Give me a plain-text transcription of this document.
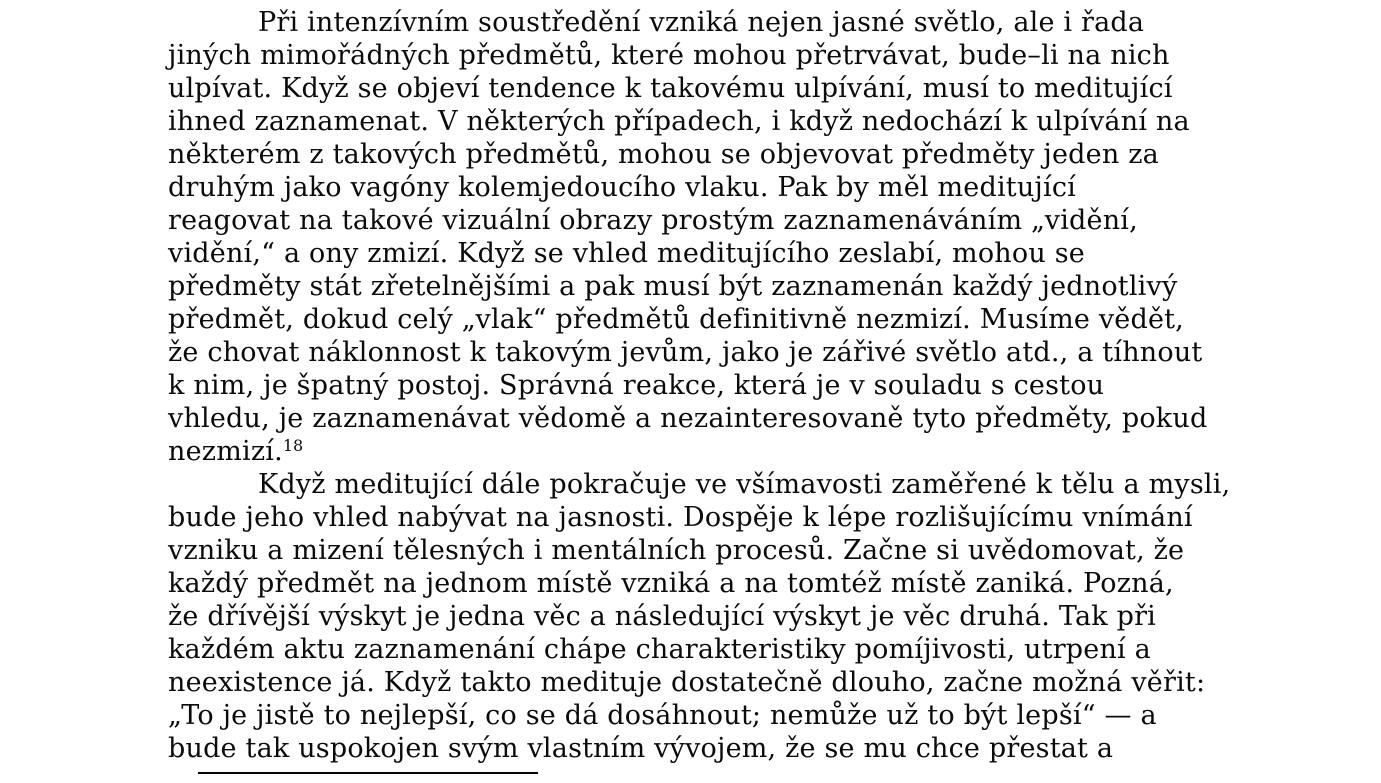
Při intenzívním soustředění vzniká nejen jasné světlo, ale i řada
jiných mimořádných předmětů, které mohou přetrvávat, bude–li na nich
ulpívat. Když se objeví tendence k takovému ulpívání, musí to meditující
ihned zaznamenat. V některých případech, i když nedochází k ulpívání na
některém z takových předmětů, mohou se objevovat předměty jeden za
druhým jako vagóny kolemjedoucího vlaku. Pak by měl meditující
reagovat na takové vizuální obrazy prostým zaznamenáváním „vidění,
vidění,“ a ony zmizí. Když se vhled meditujícího zeslabí, mohou se
předměty stát zřetelnějšími a pak musí být zaznamenán každý jednotlivý
předmět, dokud celý „vlak“ předmětů definitivně nezmizí. Musíme vědět,
že chovat náklonnost k takovým jevům, jako je zářivé světlo atd., a tíhnout
k nim, je špatný postoj. Správná reakce, která je v souladu s cestou
vhledu, je zaznamenávat vědomě a nezainteresovaně tyto předměty, pokud
nezmizí.$^{18}$
Když meditující dále pokračuje ve všímavosti zaměřené k tělu a mysli,
bude jeho vhled nabývat na jasnosti. Dospěje k lépe rozlišujícímu vnímání
vzniku a mizení tělesných i mentálních procesů. Začne si uvědomovat, že
každý předmět na jednom místě vzniká a na tomtéž místě zaniká. Pozná,
že dřívější výskyt je jedna věc a následující výskyt je věc druhá. Tak při
každém aktu zaznamenání chápe charakteristiky pomíjivosti, utrpení a
neexistence já. Když takto medituje dostatečně dlouho, začne možná věřit:
„To je jistě to nejlepší, co se dá dosáhnout; nemůže už to být lepší“ — a
bude tak uspokojen svým vlastním vývojem, že se mu chce přestat a
